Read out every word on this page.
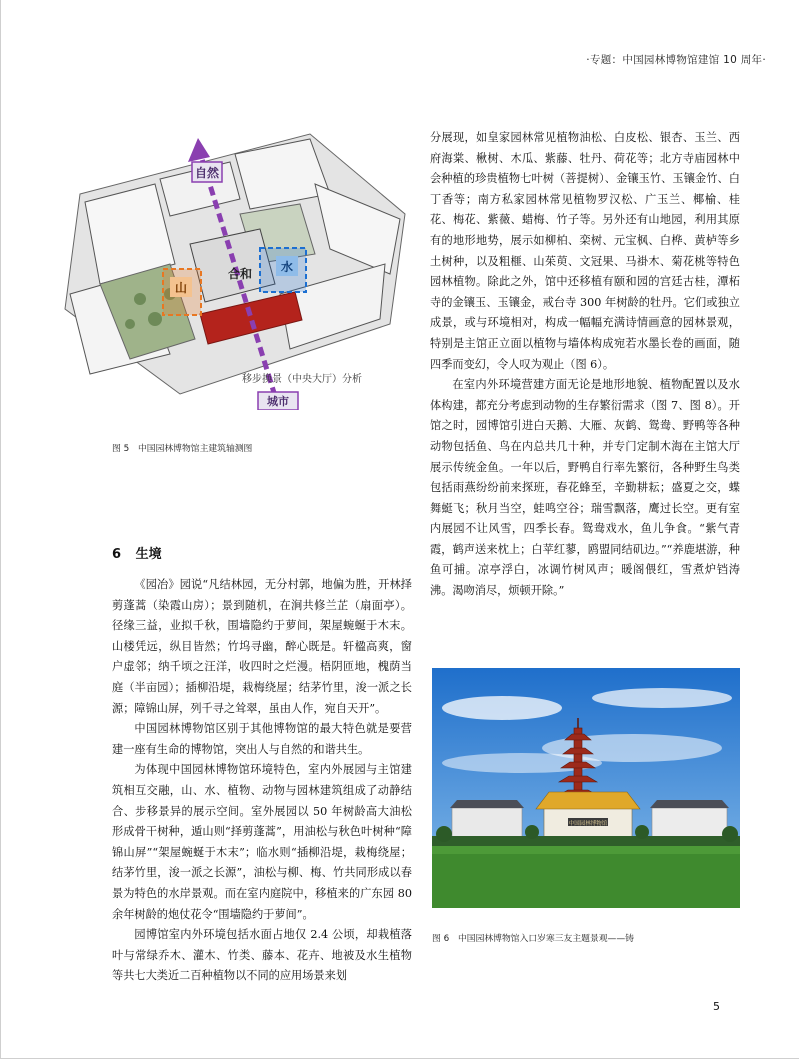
·专题：中国园林博物馆建馆 10 周年·
自然
山
合和 水
移步换景（中央大厅）分析
城市
图 5　中国园林博物馆主建筑轴测图
6 生境

《园冶》园说“凡结林园，无分村郭，地偏为胜，开林择剪蓬蒿（染霞山房）；景到随机，在涧共修兰芷（扇面亭）。径缘三益，业拟千秋，围墙隐约于萝间，架屋蜿蜒于木末。山楼凭远，纵目皆然；竹坞寻幽，醉心既是。轩楹高爽，窗户虚邻；纳千顷之汪洋，收四时之烂漫。梧阴匝地，槐荫当庭（半亩园）；插柳沿堤，栽梅绕屋；结茅竹里，浚一派之长源；障锦山屏，列千寻之耸翠，虽由人作，宛自天开”。

中国园林博物馆区别于其他博物馆的最大特色就是要营建一座有生命的博物馆，突出人与自然的和谐共生。

为体现中国园林博物馆环境特色，室内外展园与主馆建筑相互交融，山、水、植物、动物与园林建筑组成了动静结合、步移景异的展示空间。室外展园以 50 年树龄高大油松形成骨干树种，遁山则“择剪蓬蒿”，用油松与秋色叶树种“障锦山屏”“架屋蜿蜒于木末”；临水则“插柳沿堤，栽梅绕屋；结茅竹里，浚一派之长源”，油松与柳、梅、竹共同形成以春景为特色的水岸景观。而在室内庭院中，移植来的广东园 80 余年树龄的炮仗花令“围墙隐约于萝间”。

园博馆室内外环境包括水面占地仅 2.4 公顷，却栽植落叶与常绿乔木、灌木、竹类、藤本、花卉、地被及水生植物等共七大类近二百种植物以不同的应用场景来划

分展现，如皇家园林常见植物油松、白皮松、银杏、玉兰、西府海棠、楸树、木瓜、紫藤、牡丹、荷花等；北方寺庙园林中会种植的珍贵植物七叶树（菩提树）、金镶玉竹、玉镶金竹、白丁香等；南方私家园林常见植物罗汉松、广玉兰、椰榆、桂花、梅花、紫薇、蜡梅、竹子等。另外还有山地园，利用其原有的地形地势，展示如柳柏、栾树、元宝枫、白桦、黄栌等乡土树种，以及粗榧、山茱萸、文冠果、马褂木、菊花桃等特色园林植物。除此之外，馆中还移植有颐和园的宫廷古桂，潭柘寺的金镶玉、玉镶金，戒台寺 300 年树龄的牡丹。它们或独立成景，或与环境相对，构成一幅幅充满诗情画意的园林景观，特别是主馆正立面以植物与墙体构成宛若水墨长卷的画面，随四季而变幻，令人叹为观止（图 6）。

在室内外环境营建方面无论是地形地貌、植物配置以及水体构建，都充分考虑到动物的生存繁衍需求（图 7、图 8）。开馆之时，园博馆引进白天鹅、大雁、灰鹤、鸳鸯、野鸭等各种动物包括鱼、鸟在内总共几十种，并专门定制木海在主馆大厅展示传统金鱼。一年以后，野鸭自行率先繁衍，各种野生鸟类包括雨燕纷纷前来探班，春花蜂至，辛勤耕耘；盛夏之交，蝶舞蜓飞；秋月当空，蛙鸣空谷；瑞雪飘落，鹰过长空。更有室内展园不让风雪，四季长春。鸳鸯戏水，鱼儿争食。“紫气青霞，鹤声送来枕上；白苹红蓼，鸥盟同结矶边。”“养鹿堪游，种鱼可捕。凉亭浮白，冰调竹树风声；暖阁偎红，雪煮炉铛涛沸。渴吻消尽，烦顿开除。”

中国园林博物馆
图 6　中国园林博物馆入口岁寒三友主题景观——铸
5
